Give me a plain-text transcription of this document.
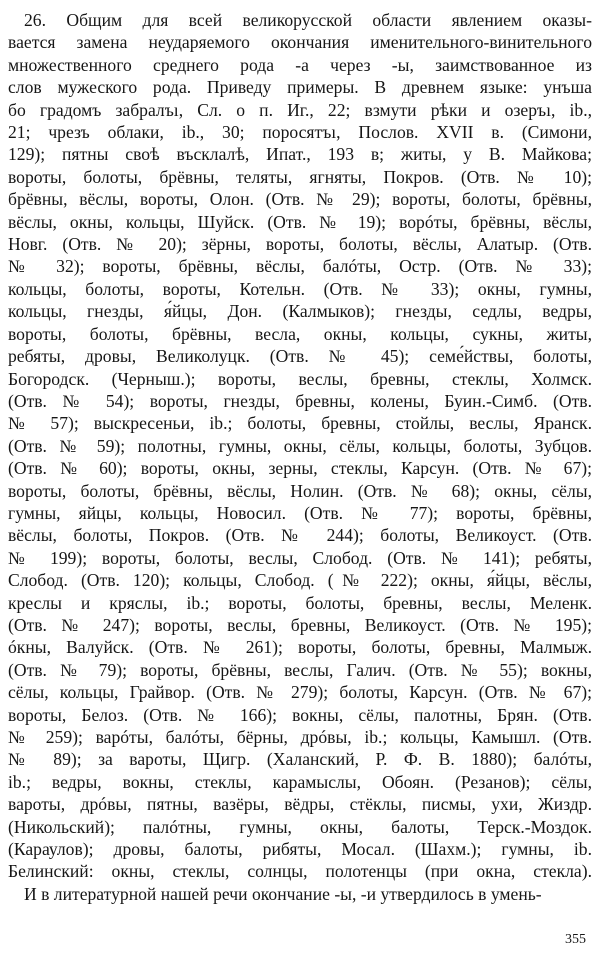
26. Общим для всей великорусской области явлением оказы-
вается замена неударяемого окончания именительного-винительного
множественного среднего рода -а через -ы, заимствованное из
слов мужеского рода. Приведу примеры. В древнем языке: унъша
бо градомъ забралъı, Сл. о п. Иг., 22; взмути рѣки и озеръı, ib.,
21; чрезъ облаки, ib., 30; поросятъı, Послов. XVII в. (Симони,
129); пятны своѣ въсклалѣ, Ипат., 193 в; житы, у В. Майкова;
вороты, болоты, брёвны, теляты, ягняты, Покров. (Отв. № 10);
брёвны, вёслы, вороты, Олон. (Отв. № 29); вороты, болоты, брёвны,
вёслы, окны, кольцы, Шуйск. (Отв. № 19); ворóты, брёвны, вёслы,
Новг. (Отв. № 20); зёрны, вороты, болоты, вёслы, Алатыр. (Отв.
№ 32); вороты, брёвны, вёслы, балóты, Остр. (Отв. № 33);
кольцы, болоты, вороты, Котельн. (Отв. № 33); окны, гумны,
кольцы, гнезды, я́йцы, Дон. (Калмыков); гнезды, седлы, ведры,
вороты, болоты, брёвны, весла, окны, кольцы, сукны, житы,
ребяты, дровы, Великолуцк. (Отв. № 45); семе́йствы, болоты,
Богородск. (Черныш.); вороты, веслы, бревны, стеклы, Холмск.
(Отв. № 54); вороты, гнезды, бревны, колены, Буин.-Симб. (Отв.
№ 57); выскресеньи, ib.; болоты, бревны, стойлы, веслы, Яранск.
(Отв. № 59); полотны, гумны, окны, сёлы, кольцы, болоты, Зубцов.
(Отв. № 60); вороты, окны, зерны, стеклы, Карсун. (Отв. № 67);
вороты, болоты, брёвны, вёслы, Нолин. (Отв. № 68); окны, сёлы,
гумны, яйцы, кольцы, Новосил. (Отв. № 77); вороты, брёвны,
вёслы, болоты, Покров. (Отв. № 244); болоты, Великоуст. (Отв.
№ 199); вороты, болоты, веслы, Слобод. (Отв. № 141); ребяты,
Слобод. (Отв. 120); кольцы, Слобод. (№ 222); окны, я́йцы, вёслы,
креслы и кряслы, ib.; вороты, болоты, бревны, веслы, Меленк.
(Отв. № 247); вороты, веслы, бревны, Великоуст. (Отв. № 195);
óкны, Валуйск. (Отв. № 261); вороты, болоты, бревны, Малмыж.
(Отв. № 79); вороты, брёвны, веслы, Галич. (Отв. № 55); вокны,
сёлы, кольцы, Грайвор. (Отв. № 279); болоты, Карсун. (Отв. № 67);
вороты, Белоз. (Отв. № 166); вокны, сёлы, палотны, Брян. (Отв.
№ 259); варóты, балóты, бёрны, дрóвы, ib.; кольцы, Камышл. (Отв.
№ 89); за вароты, Щигр. (Халанский, Р. Ф. В. 1880); балóты,
ib.; ведры, вокны, стеклы, карамыслы, Обоян. (Резанов); сёлы,
вароты, дрóвы, пятны, вазёры, вёдры, стёклы, писмы, ухи, Жиздр.
(Никольский); палóтны, гумны, окны, балоты, Терск.-Моздок.
(Караулов); дровы, балоты, рибяты, Мосал. (Шахм.); гумны, ib.
Белинский: окны, стеклы, солнцы, полотенцы (при окна, стекла).
И в литературной нашей речи окончание -ы, -и утвердилось в умень-
355
